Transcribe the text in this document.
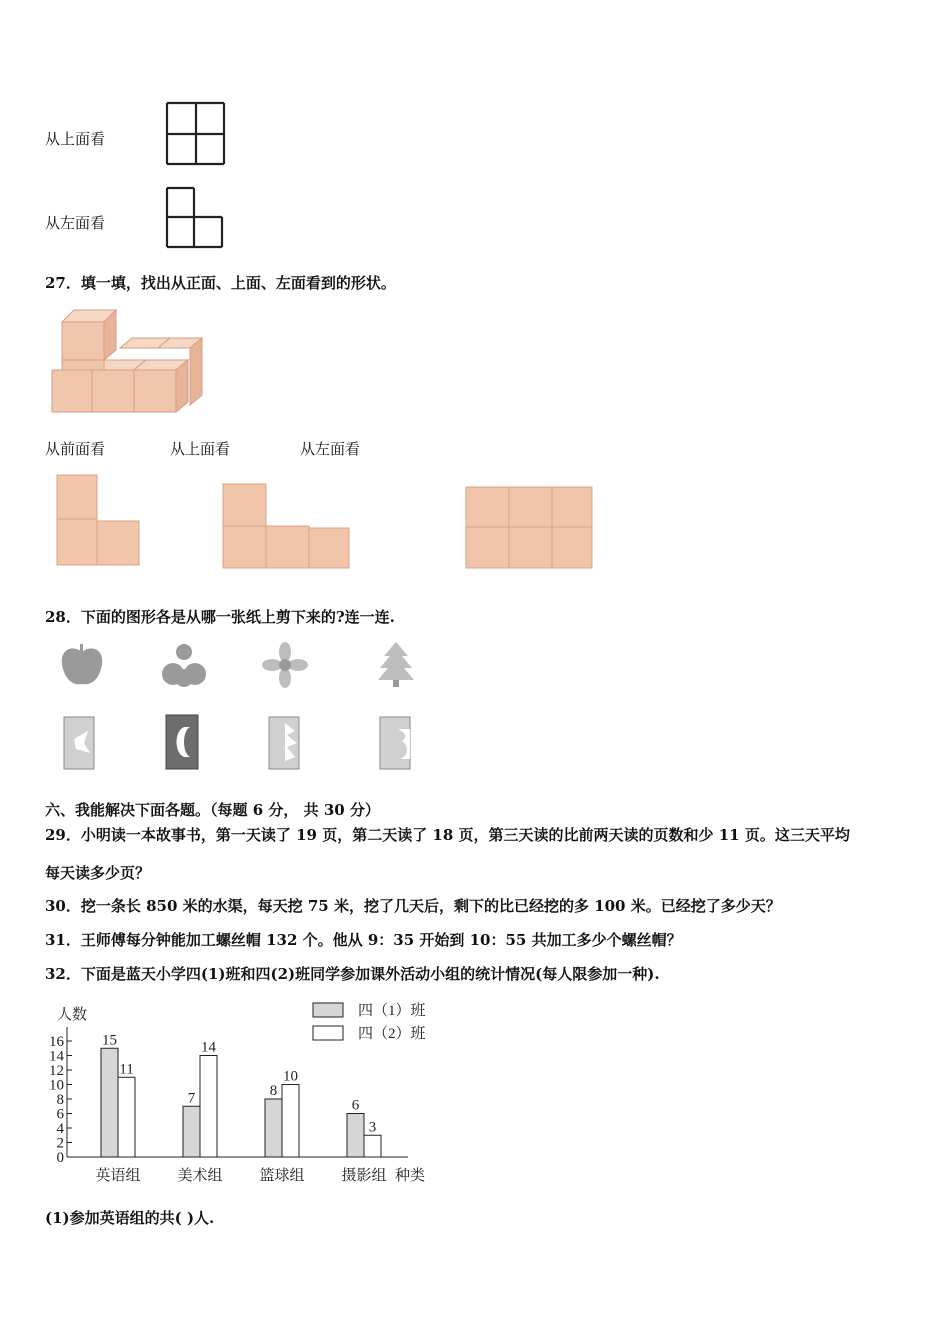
从上面看
从左面看
27．填一填，找出从正面、上面、左面看到的形状。
从前面看	从上面看	从左面看
28．下面的图形各是从哪一张纸上剪下来的?连一连.
六、我能解决下面各题。（每题 6 分， 共 30 分）
29．小明读一本故事书，第一天读了 19 页，第二天读了 18 页，第三天读的比前两天读的页数和少 11 页。这三天平均
每天读多少页？
30．挖一条长 850 米的水渠，每天挖 75 米，挖了几天后，剩下的比已经挖的多 100 米。已经挖了多少天？
31．王师傅每分钟能加工螺丝帽 132 个。他从 9：35 开始到 10：55 共加工多少个螺丝帽？
32．下面是蓝天小学四(1)班和四(2)班同学参加课外活动小组的统计情况(每人限参加一种).
人数
种类
四（1）班
四（2）班
0
2
4
6
8
10
12
14
16	15
11
7
14
8
10
6
3
英语组 美术组 篮球组 摄影组
(1)参加英语组的共( )人.
